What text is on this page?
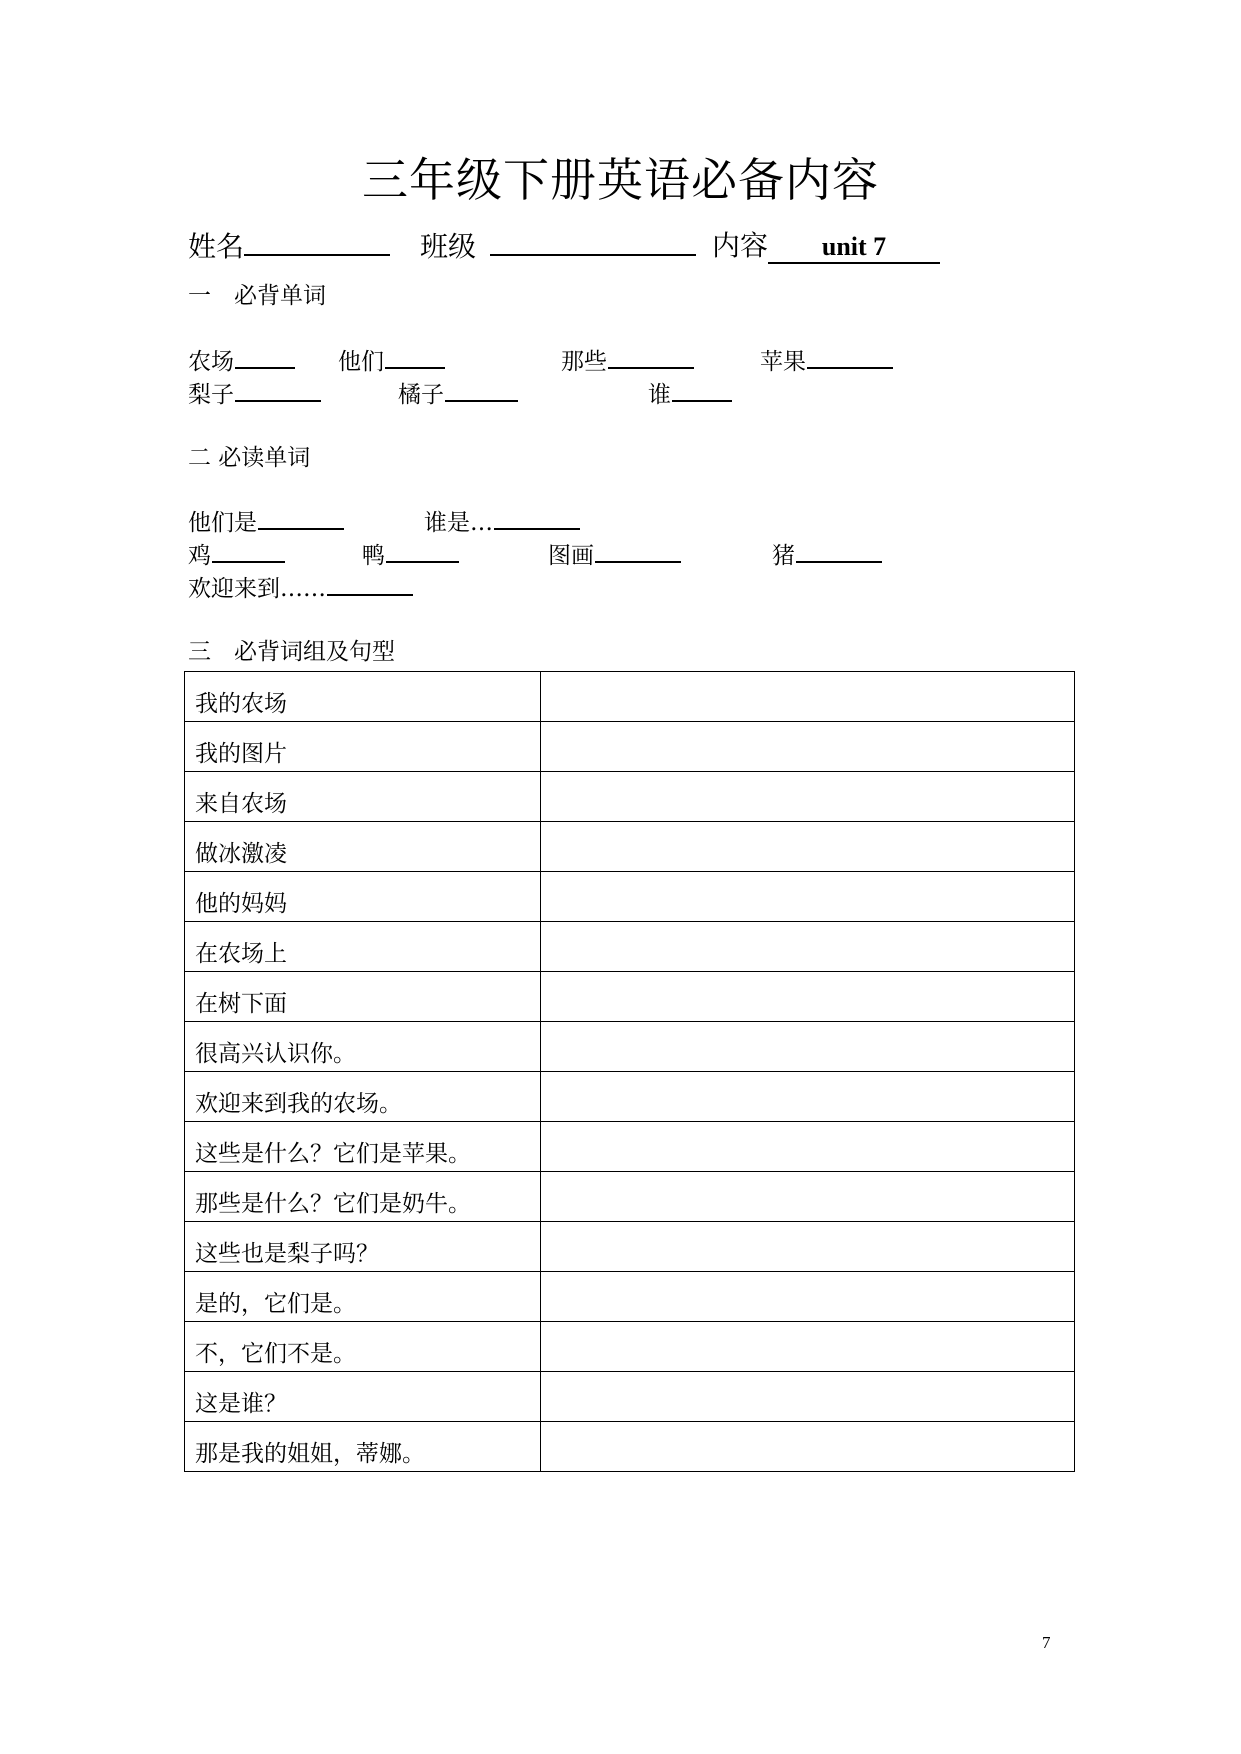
三年级下册英语必备内容
姓名	班级	内容 unit 7
一　必背单词
农场	他们	那些	苹果
梨子	橘子	谁
二 必读单词
他们是	谁是…
鸡	鸭	图画	猪
欢迎来到……
三　必背词组及句型
我的农场	
我的图片	
来自农场	
做冰激凌	
他的妈妈	
在农场上	
在树下面	
很高兴认识你。	
欢迎来到我的农场。	
这些是什么？它们是苹果。	
那些是什么？它们是奶牛。	
这些也是梨子吗？	
是的，它们是。	
不，它们不是。	
这是谁？	
那是我的姐姐，蒂娜。	
7
